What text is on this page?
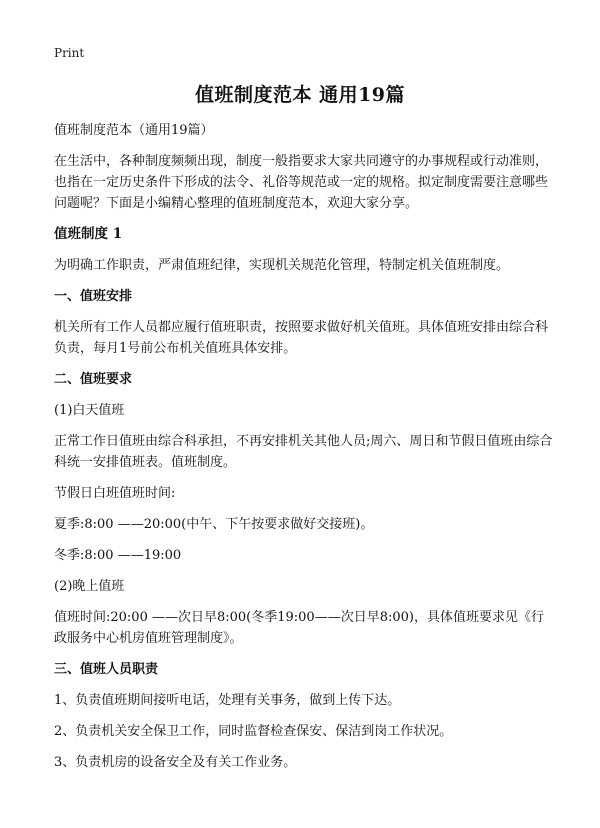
Print
值班制度范本 通用19篇

值班制度范本（通用19篇）

在生活中，各种制度频频出现，制度一般指要求大家共同遵守的办事规程或行动准则，也指在一定历史条件下形成的法令、礼俗等规范或一定的规格。拟定制度需要注意哪些问题呢？下面是小编精心整理的值班制度范本，欢迎大家分享。

值班制度 1

为明确工作职责，严肃值班纪律，实现机关规范化管理，特制定机关值班制度。

一、值班安排

机关所有工作人员都应履行值班职责，按照要求做好机关值班。具体值班安排由综合科负责，每月1号前公布机关值班具体安排。

二、值班要求

(1)白天值班

正常工作日值班由综合科承担，不再安排机关其他人员;周六、周日和节假日值班由综合科统一安排值班表。值班制度。

节假日白班值班时间:

夏季:8:00 ——20:00(中午、下午按要求做好交接班)。

冬季:8:00 ——19:00

(2)晚上值班

值班时间:20:00 ——次日早8:00(冬季19:00——次日早8:00)，具体值班要求见《行政服务中心机房值班管理制度》。

三、值班人员职责

1、负责值班期间接听电话，处理有关事务，做到上传下达。

2、负责机关安全保卫工作，同时监督检查保安、保洁到岗工作状况。

3、负责机房的设备安全及有关工作业务。
